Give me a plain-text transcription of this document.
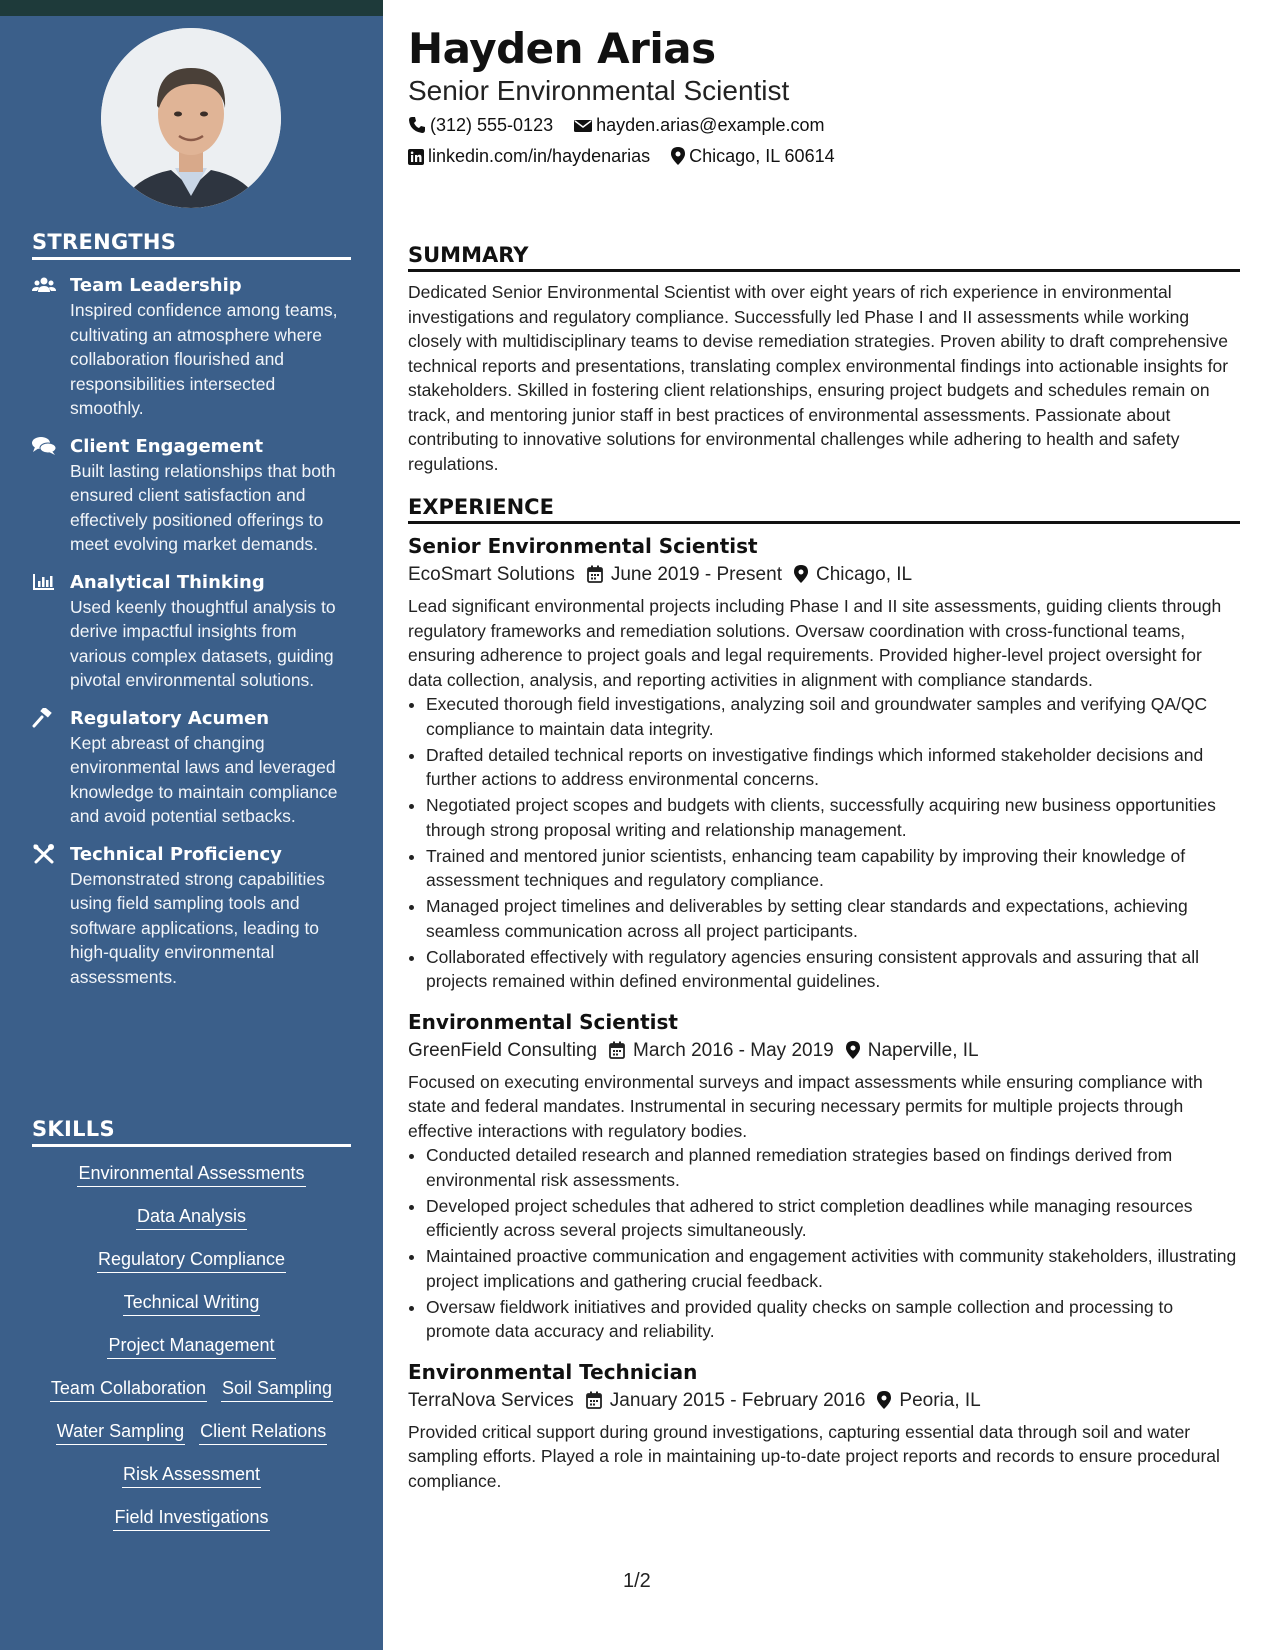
STRENGTHS
Team Leadership
Inspired confidence among teams, cultivating an atmosphere where collaboration flourished and responsibilities intersected smoothly.
Client Engagement
Built lasting relationships that both ensured client satisfaction and effectively positioned offerings to meet evolving market demands.
Analytical Thinking
Used keenly thoughtful analysis to derive impactful insights from various complex datasets, guiding pivotal environmental solutions.
Regulatory Acumen
Kept abreast of changing environmental laws and leveraged knowledge to maintain compliance and avoid potential setbacks.
Technical Proficiency
Demonstrated strong capabilities using field sampling tools and software applications, leading to high-quality environmental assessments.
SKILLS
Environmental Assessments
Data Analysis
Regulatory Compliance
Technical Writing
Project Management
Team Collaboration Soil Sampling
Water Sampling Client Relations
Risk Assessment
Field Investigations
Hayden Arias
Senior Environmental Scientist
(312) 555-0123 hayden.arias@example.com
linkedin.com/in/haydenarias Chicago, IL 60614
SUMMARY

Dedicated Senior Environmental Scientist with over eight years of rich experience in environmental investigations and regulatory compliance. Successfully led Phase I and II assessments while working closely with multidisciplinary teams to devise remediation strategies. Proven ability to draft comprehensive technical reports and presentations, translating complex environmental findings into actionable insights for stakeholders. Skilled in fostering client relationships, ensuring project budgets and schedules remain on track, and mentoring junior staff in best practices of environmental assessments. Passionate about contributing to innovative solutions for environmental challenges while adhering to health and safety regulations.

EXPERIENCE
Senior Environmental Scientist
EcoSmart Solutions June 2019 - Present Chicago, IL

Lead significant environmental projects including Phase I and II site assessments, guiding clients through regulatory frameworks and remediation solutions. Oversaw coordination with cross-functional teams, ensuring adherence to project goals and legal requirements. Provided higher-level project oversight for data collection, analysis, and reporting activities in alignment with compliance standards.

• Executed thorough field investigations, analyzing soil and groundwater samples and verifying QA/QC compliance to maintain data integrity.
• Drafted detailed technical reports on investigative findings which informed stakeholder decisions and further actions to address environmental concerns.
• Negotiated project scopes and budgets with clients, successfully acquiring new business opportunities through strong proposal writing and relationship management.
• Trained and mentored junior scientists, enhancing team capability by improving their knowledge of assessment techniques and regulatory compliance.
• Managed project timelines and deliverables by setting clear standards and expectations, achieving seamless communication across all project participants.
• Collaborated effectively with regulatory agencies ensuring consistent approvals and assuring that all projects remained within defined environmental guidelines.
Environmental Scientist
GreenField Consulting March 2016 - May 2019 Naperville, IL

Focused on executing environmental surveys and impact assessments while ensuring compliance with state and federal mandates. Instrumental in securing necessary permits for multiple projects through effective interactions with regulatory bodies.

• Conducted detailed research and planned remediation strategies based on findings derived from environmental risk assessments.
• Developed project schedules that adhered to strict completion deadlines while managing resources efficiently across several projects simultaneously.
• Maintained proactive communication and engagement activities with community stakeholders, illustrating project implications and gathering crucial feedback.
• Oversaw fieldwork initiatives and provided quality checks on sample collection and processing to promote data accuracy and reliability.
Environmental Technician
TerraNova Services January 2015 - February 2016 Peoria, IL

Provided critical support during ground investigations, capturing essential data through soil and water sampling efforts. Played a role in maintaining up-to-date project reports and records to ensure procedural compliance.

1/2
